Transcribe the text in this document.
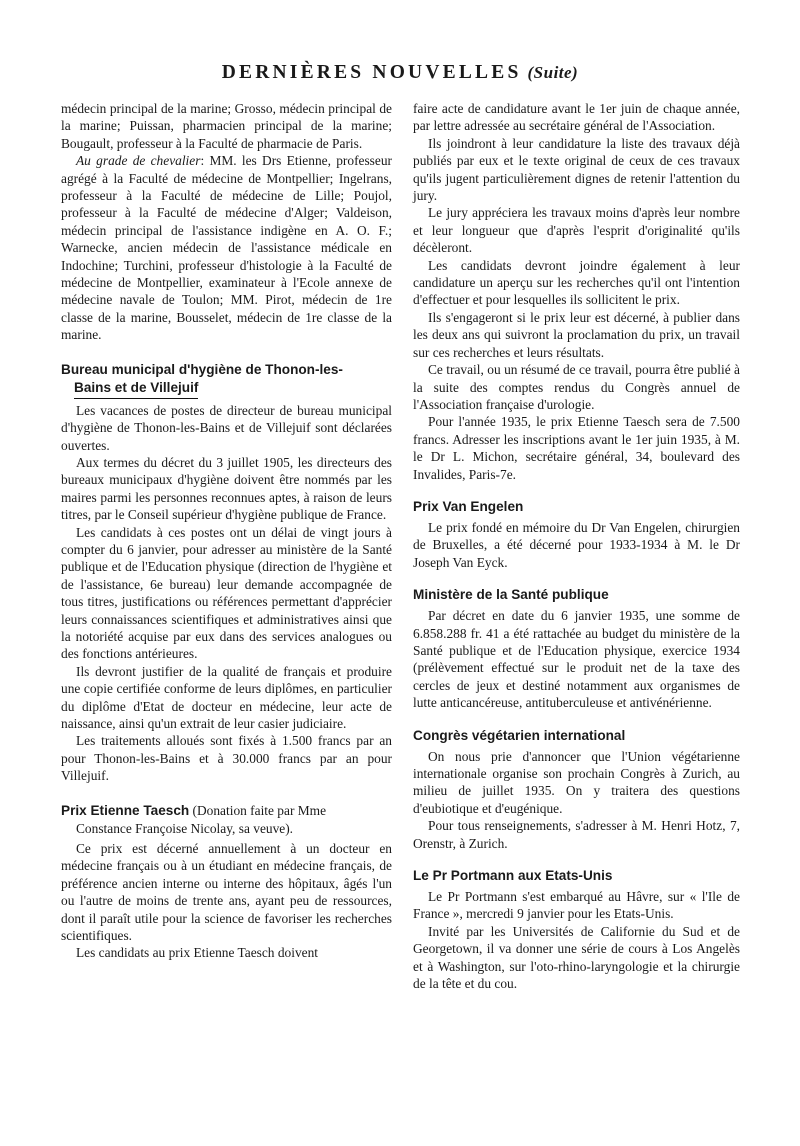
DERNIÈRES NOUVELLES (Suite)

médecin principal de la marine; Grosso, médecin principal de la marine; Puissan, pharmacien principal de la marine; Bougault, professeur à la Faculté de pharmacie de Paris.

Au grade de chevalier: MM. les Drs Etienne, professeur agrégé à la Faculté de médecine de Montpellier; Ingelrans, professeur à la Faculté de médecine de Lille; Poujol, professeur à la Faculté de médecine d'Alger; Valdeison, médecin principal de l'assistance indigène en A. O. F.; Warnecke, ancien médecin de l'assistance médicale en Indochine; Turchini, professeur d'histologie à la Faculté de médecine de Montpellier, examinateur à l'Ecole annexe de médecine navale de Toulon; MM. Pirot, médecin de 1re classe de la marine, Bousselet, médecin de 1re classe de la marine.

Bureau municipal d'hygiène de Thonon-les-
Bains et de Villejuif

Les vacances de postes de directeur de bureau municipal d'hygiène de Thonon-les-Bains et de Villejuif sont déclarées ouvertes.

Aux termes du décret du 3 juillet 1905, les directeurs des bureaux municipaux d'hygiène doivent être nommés par les maires parmi les personnes reconnues aptes, à raison de leurs titres, par le Conseil supérieur d'hygiène publique de France.

Les candidats à ces postes ont un délai de vingt jours à compter du 6 janvier, pour adresser au ministère de la Santé publique et de l'Education physique (direction de l'hygiène et de l'assistance, 6e bureau) leur demande accompagnée de tous titres, justifications ou références permettant d'apprécier leurs connaissances scientifiques et administratives ainsi que la notoriété acquise par eux dans des services analogues ou des fonctions antérieures.

Ils devront justifier de la qualité de français et produire une copie certifiée conforme de leurs diplômes, en particulier du diplôme d'Etat de docteur en médecine, leur acte de naissance, ainsi qu'un extrait de leur casier judiciaire.

Les traitements alloués sont fixés à 1.500 francs par an pour Thonon-les-Bains et à 30.000 francs par an pour Villejuif.

Prix Etienne Taesch (Donation faite par Mme
Constance Françoise Nicolay, sa veuve).

Ce prix est décerné annuellement à un docteur en médecine français ou à un étudiant en médecine français, de préférence ancien interne ou interne des hôpitaux, âgés l'un ou l'autre de moins de trente ans, ayant peu de ressources, dont il paraît utile pour la science de favoriser les recherches scientifiques.

Les candidats au prix Etienne Taesch doivent

faire acte de candidature avant le 1er juin de chaque année, par lettre adressée au secrétaire général de l'Association.

Ils joindront à leur candidature la liste des travaux déjà publiés par eux et le texte original de ceux de ces travaux qu'ils jugent particulièrement dignes de retenir l'attention du jury.

Le jury appréciera les travaux moins d'après leur nombre et leur longueur que d'après l'esprit d'originalité qu'ils décèleront.

Les candidats devront joindre également à leur candidature un aperçu sur les recherches qu'il ont l'intention d'effectuer et pour lesquelles ils sollicitent le prix.

Ils s'engageront si le prix leur est décerné, à publier dans les deux ans qui suivront la proclamation du prix, un travail sur ces recherches et leurs résultats.

Ce travail, ou un résumé de ce travail, pourra être publié à la suite des comptes rendus du Congrès annuel de l'Association française d'urologie.

Pour l'année 1935, le prix Etienne Taesch sera de 7.500 francs. Adresser les inscriptions avant le 1er juin 1935, à M. le Dr L. Michon, secrétaire général, 34, boulevard des Invalides, Paris-7e.

Prix Van Engelen

Le prix fondé en mémoire du Dr Van Engelen, chirurgien de Bruxelles, a été décerné pour 1933-1934 à M. le Dr Joseph Van Eyck.

Ministère de la Santé publique

Par décret en date du 6 janvier 1935, une somme de 6.858.288 fr. 41 a été rattachée au budget du ministère de la Santé publique et de l'Education physique, exercice 1934 (prélèvement effectué sur le produit net de la taxe des cercles de jeux et destiné notamment aux organismes de lutte anticancéreuse, antituberculeuse et antivénérienne.

Congrès végétarien international

On nous prie d'annoncer que l'Union végétarienne internationale organise son prochain Congrès à Zurich, au milieu de juillet 1935. On y traitera des questions d'eubiotique et d'eugénique.

Pour tous renseignements, s'adresser à M. Henri Hotz, 7, Orenstr, à Zurich.

Le Pr Portmann aux Etats-Unis

Le Pr Portmann s'est embarqué au Hâvre, sur « l'Ile de France », mercredi 9 janvier pour les Etats-Unis.

Invité par les Universités de Californie du Sud et de Georgetown, il va donner une série de cours à Los Angelès et à Washington, sur l'oto-rhino-laryngologie et la chirurgie de la tête et du cou.
